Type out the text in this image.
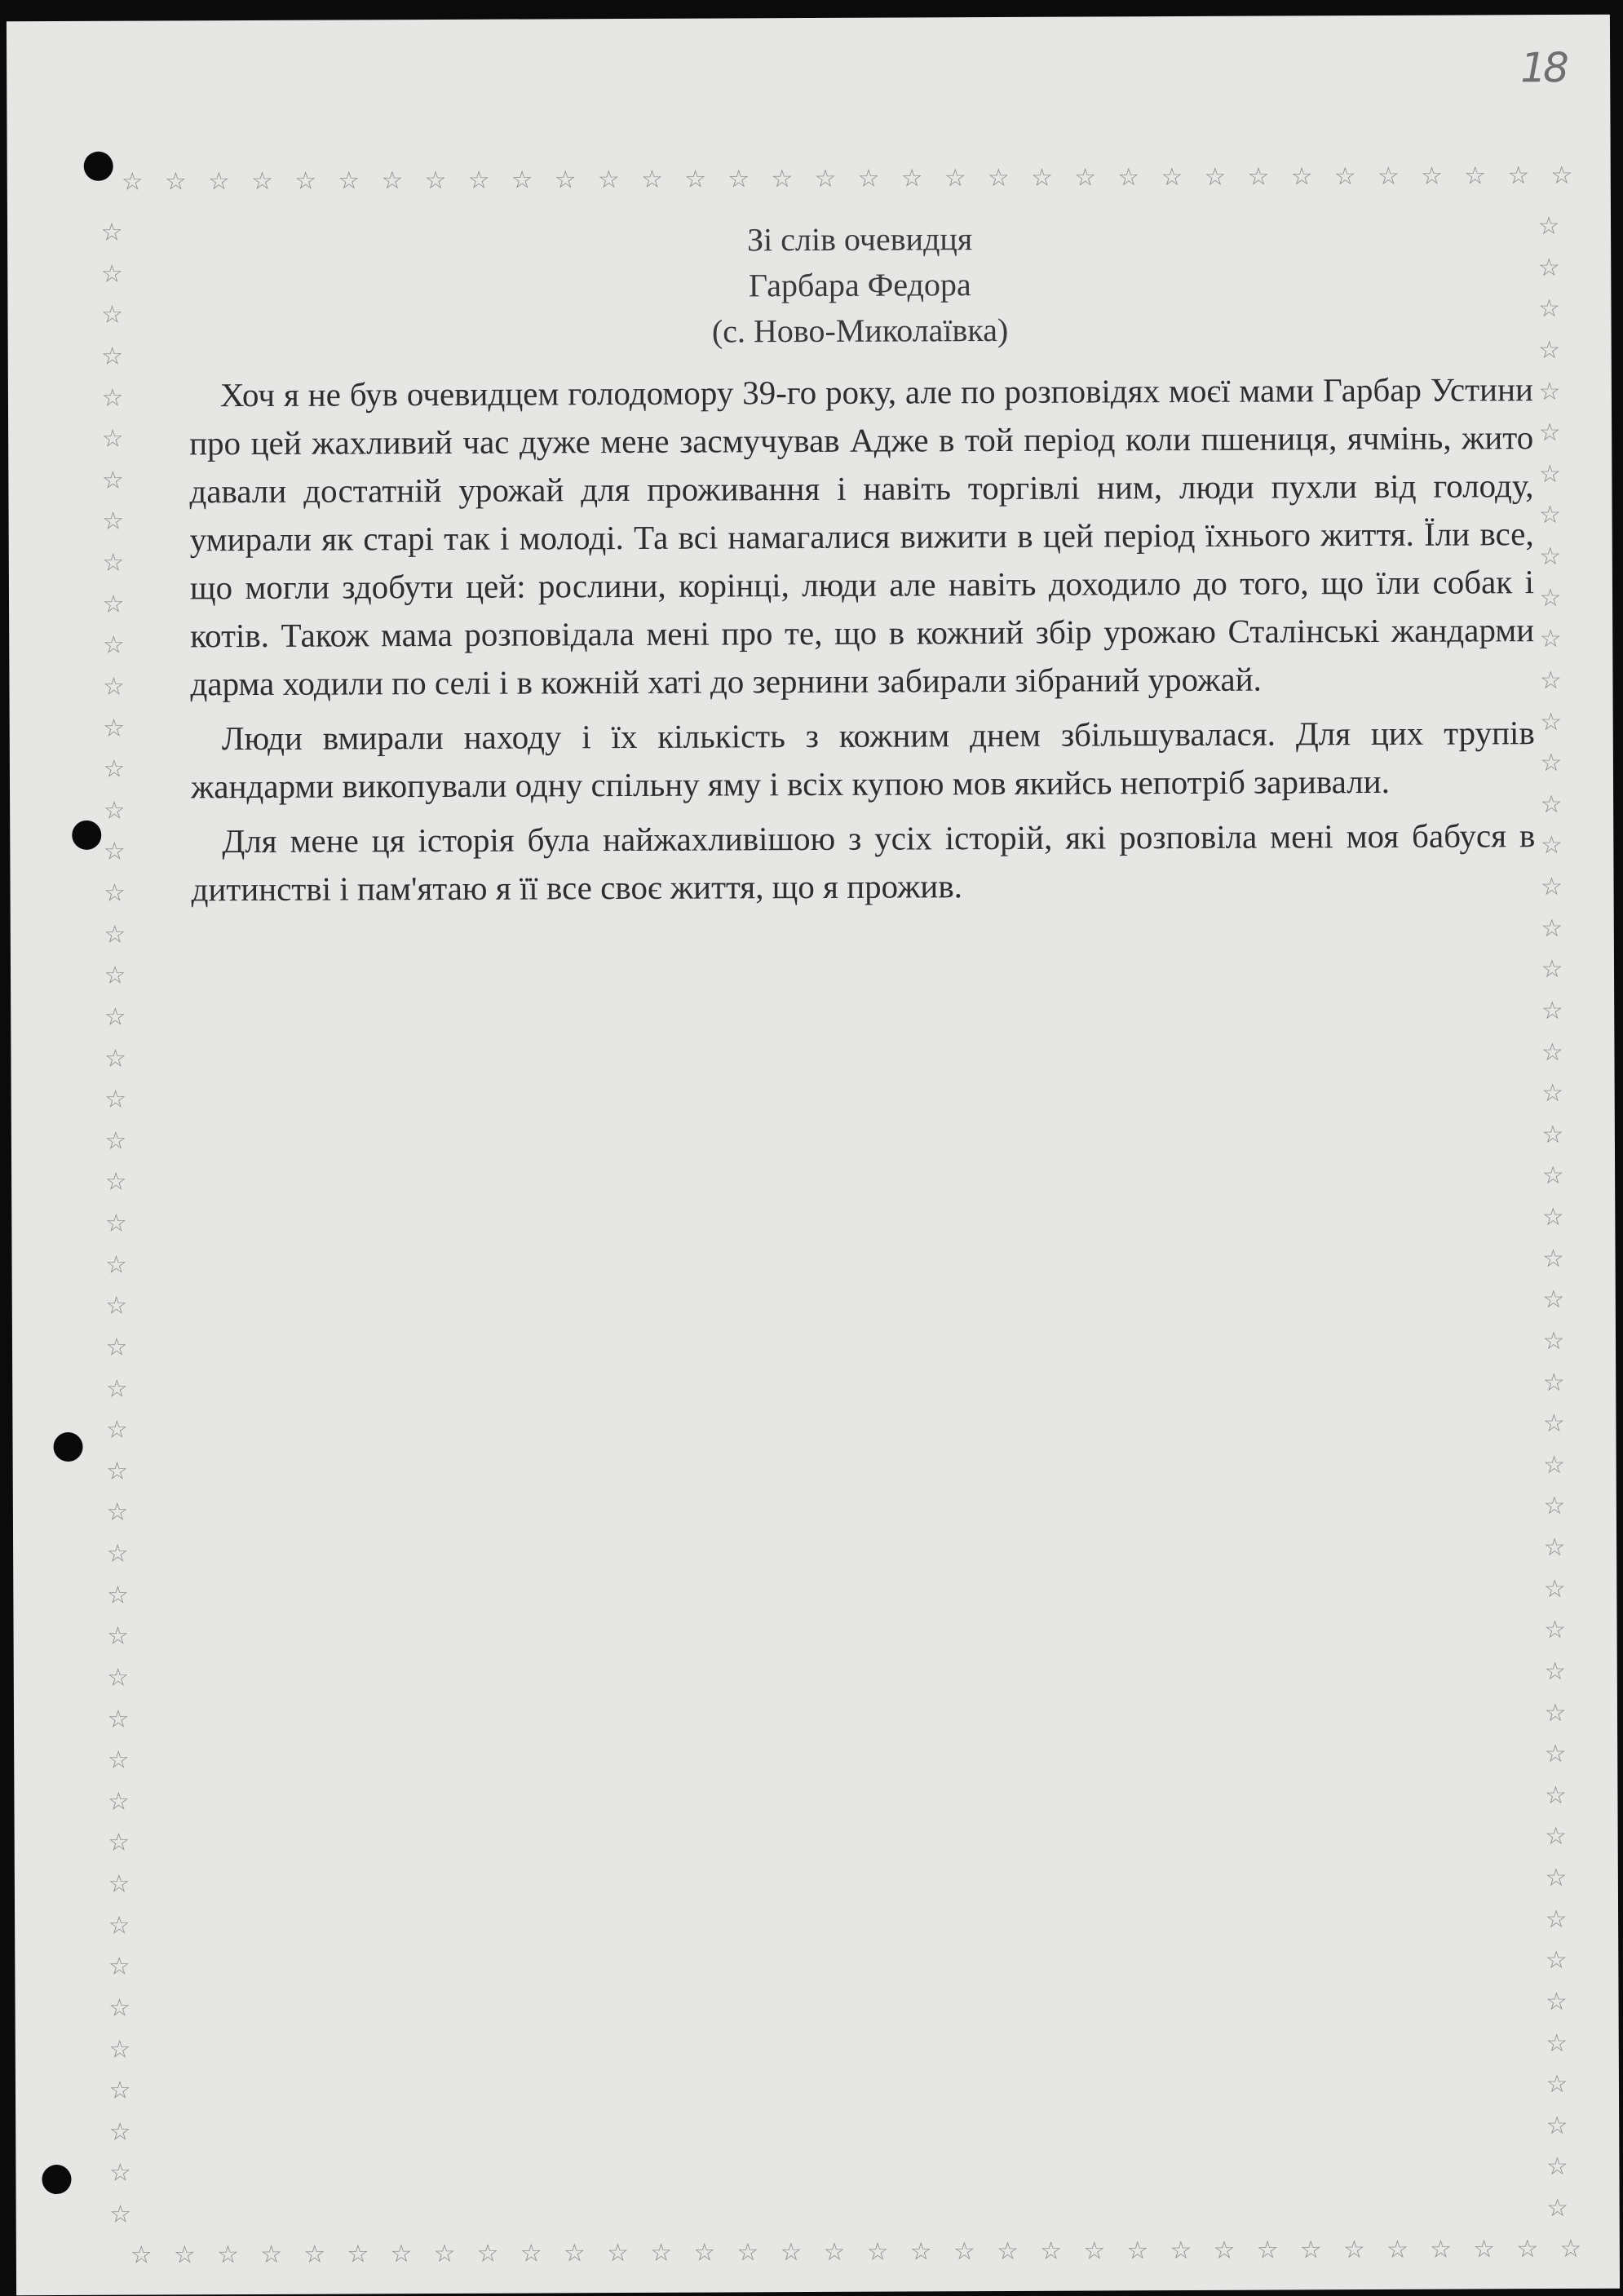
18
☆ ☆ ☆ ☆ ☆ ☆ ☆ ☆ ☆ ☆ ☆ ☆ ☆ ☆ ☆ ☆ ☆ ☆ ☆ ☆ ☆ ☆ ☆ ☆ ☆ ☆ ☆ ☆ ☆ ☆ ☆ ☆ ☆ ☆
☆ ☆ ☆ ☆ ☆ ☆ ☆ ☆ ☆ ☆ ☆ ☆ ☆ ☆ ☆ ☆ ☆ ☆ ☆ ☆ ☆ ☆ ☆ ☆ ☆ ☆ ☆ ☆ ☆ ☆ ☆ ☆ ☆ ☆
☆
☆
☆
☆
☆
☆
☆
☆
☆
☆
☆
☆
☆
☆
☆
☆
☆
☆
☆
☆
☆
☆
☆
☆
☆
☆
☆
☆
☆
☆
☆
☆
☆
☆
☆
☆
☆
☆
☆
☆
☆
☆
☆
☆
☆
☆
☆
☆
☆
☆
☆
☆
☆
☆
☆
☆
☆
☆
☆
☆
☆
☆
☆
☆
☆
☆
☆
☆
☆
☆
☆
☆
☆
☆
☆
☆
☆
☆
☆
☆
☆
☆
☆
☆
☆
☆
☆
☆
☆
☆
☆
☆
☆
☆
☆
☆
☆
☆
Зі слів очевидця
Гарбара Федора
(с. Ново-Миколаївка)

Хоч я не був очевидцем голодомору 39-го року, але по розповідях моєї мами Гарбар Устини про цей жахливий час дуже мене засмучував Адже в той період коли пшениця, ячмінь, жито давали достатній урожай для проживання і навіть торгівлі ним, люди пухли від голоду, умирали як старі так і молоді. Та всі намагалися вижити в цей період їхнього життя. Їли все, що могли здобути цей: рослини, корінці, люди але навіть доходило до того, що їли собак і котів. Також мама розповідала мені про те, що в кожний збір урожаю Сталінські жандарми дарма ходили по селі і в кожній хаті до зернини забирали зібраний урожай.

Люди вмирали находу і їх кількість з кожним днем збільшувалася. Для цих трупів жандарми викопували одну спільну яму і всіх купою мов якийсь непотріб заривали.

Для мене ця історія була найжахливішою з усіх історій, які розповіла мені моя бабуся в дитинстві і пам'ятаю я її все своє життя, що я прожив.
